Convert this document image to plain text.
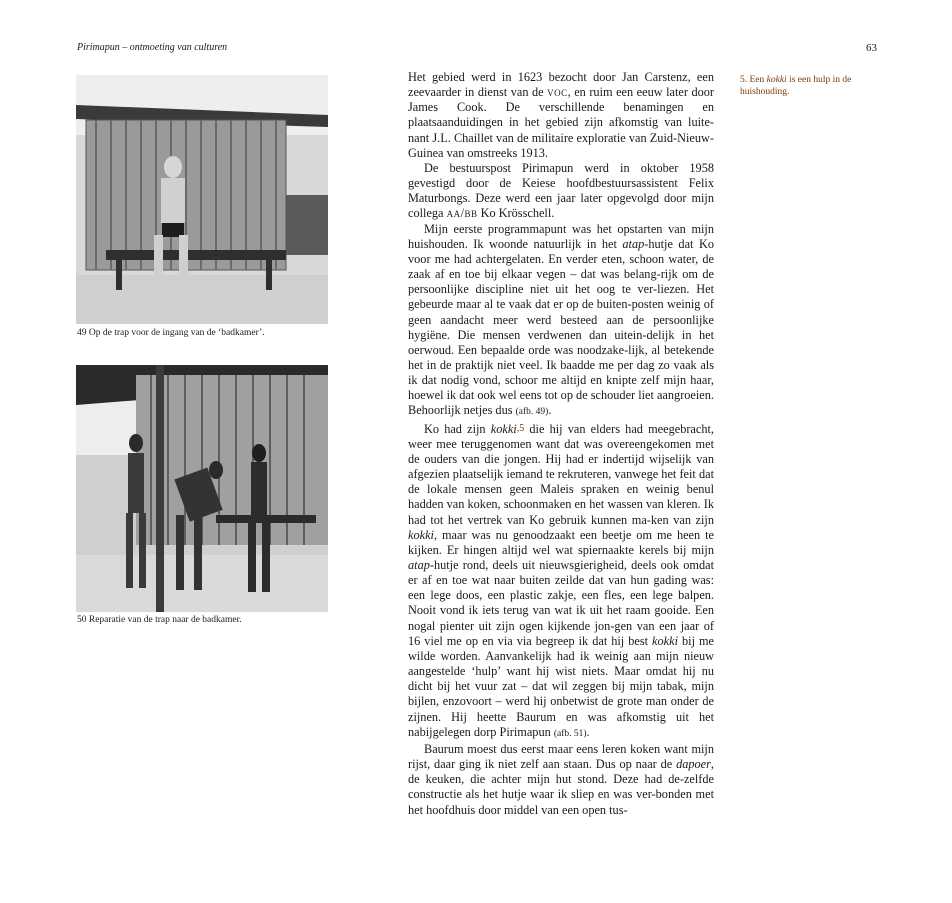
Pirimapun – ontmoeting van culturen	63
49 Op de trap voor de ingang van de ‘badkamer’.
50 Reparatie van de trap naar de badkamer.

Het gebied werd in 1623 bezocht door Jan Carstenz, een zeevaarder in dienst van de voc, en ruim een eeuw later door James Cook. De verschillende benamingen en plaatsaanduidingen in het gebied zijn afkomstig van luite-nant J.L. Chaillet van de militaire exploratie van Zuid-Nieuw-Guinea van omstreeks 1913.

De bestuurspost Pirimapun werd in oktober 1958 gevestigd door de Keiese hoofdbestuursassistent Felix Maturbongs. Deze werd een jaar later opgevolgd door mijn collega aa/bb Ko Krösschell.

Mijn eerste programmapunt was het opstarten van mijn huishouden. Ik woonde natuurlijk in het atap-hutje dat Ko voor me had achtergelaten. En verder eten, schoon water, de zaak af en toe bij elkaar vegen – dat was belang-rijk om de persoonlijke discipline niet uit het oog te ver-liezen. Het gebeurde maar al te vaak dat er op de buiten-posten weinig of geen aandacht meer werd besteed aan de persoonlijke hygiëne. Die mensen verdwenen dan uitein-delijk in het oerwoud. Een bepaalde orde was noodzake-lijk, al betekende het in de praktijk niet veel. Ik baadde me per dag zo vaak als ik dat nodig vond, schoor me altijd en knipte zelf mijn haar, hoewel ik dat ook wel eens tot op de schouder liet aangroeien. Behoorlijk netjes dus (afb. 49).

Ko had zijn kokki,5 die hij van elders had meegebracht, weer mee teruggenomen want dat was overeengekomen met de ouders van die jongen. Hij had er indertijd wijselijk van afgezien plaatselijk iemand te rekruteren, vanwege het feit dat de lokale mensen geen Maleis spraken en weinig benul hadden van koken, schoonmaken en het wassen van kleren. Ik had tot het vertrek van Ko gebruik kunnen ma-ken van zijn kokki, maar was nu genoodzaakt een beetje om me heen te kijken. Er hingen altijd wel wat spiernaakte kerels bij mijn atap-hutje rond, deels uit nieuwsgierigheid, deels ook omdat er af en toe wat naar buiten zeilde dat van hun gading was: een lege doos, een plastic zakje, een fles, een lege balpen. Nooit vond ik iets terug van wat ik uit het raam gooide. Een nogal pienter uit zijn ogen kijkende jon-gen van een jaar of 16 viel me op en via via begreep ik dat hij best kokki bij me wilde worden. Aanvankelijk had ik weinig aan mijn nieuw aangestelde ‘hulp’ want hij wist niets. Maar omdat hij nu dicht bij het vuur zat – dat wil zeggen bij mijn tabak, mijn bijlen, enzovoort – werd hij onbetwist de grote man onder de zijnen. Hij heette Baurum en was afkomstig uit het nabijgelegen dorp Pirimapun (afb. 51).

Baurum moest dus eerst maar eens leren koken want mijn rijst, daar ging ik niet zelf aan staan. Dus op naar de dapoer, de keuken, die achter mijn hut stond. Deze had de-zelfde constructie als het hutje waar ik sliep en was ver-bonden met het hoofdhuis door middel van een open tus-

5. Een kokki is een hulp in de huishouding.
